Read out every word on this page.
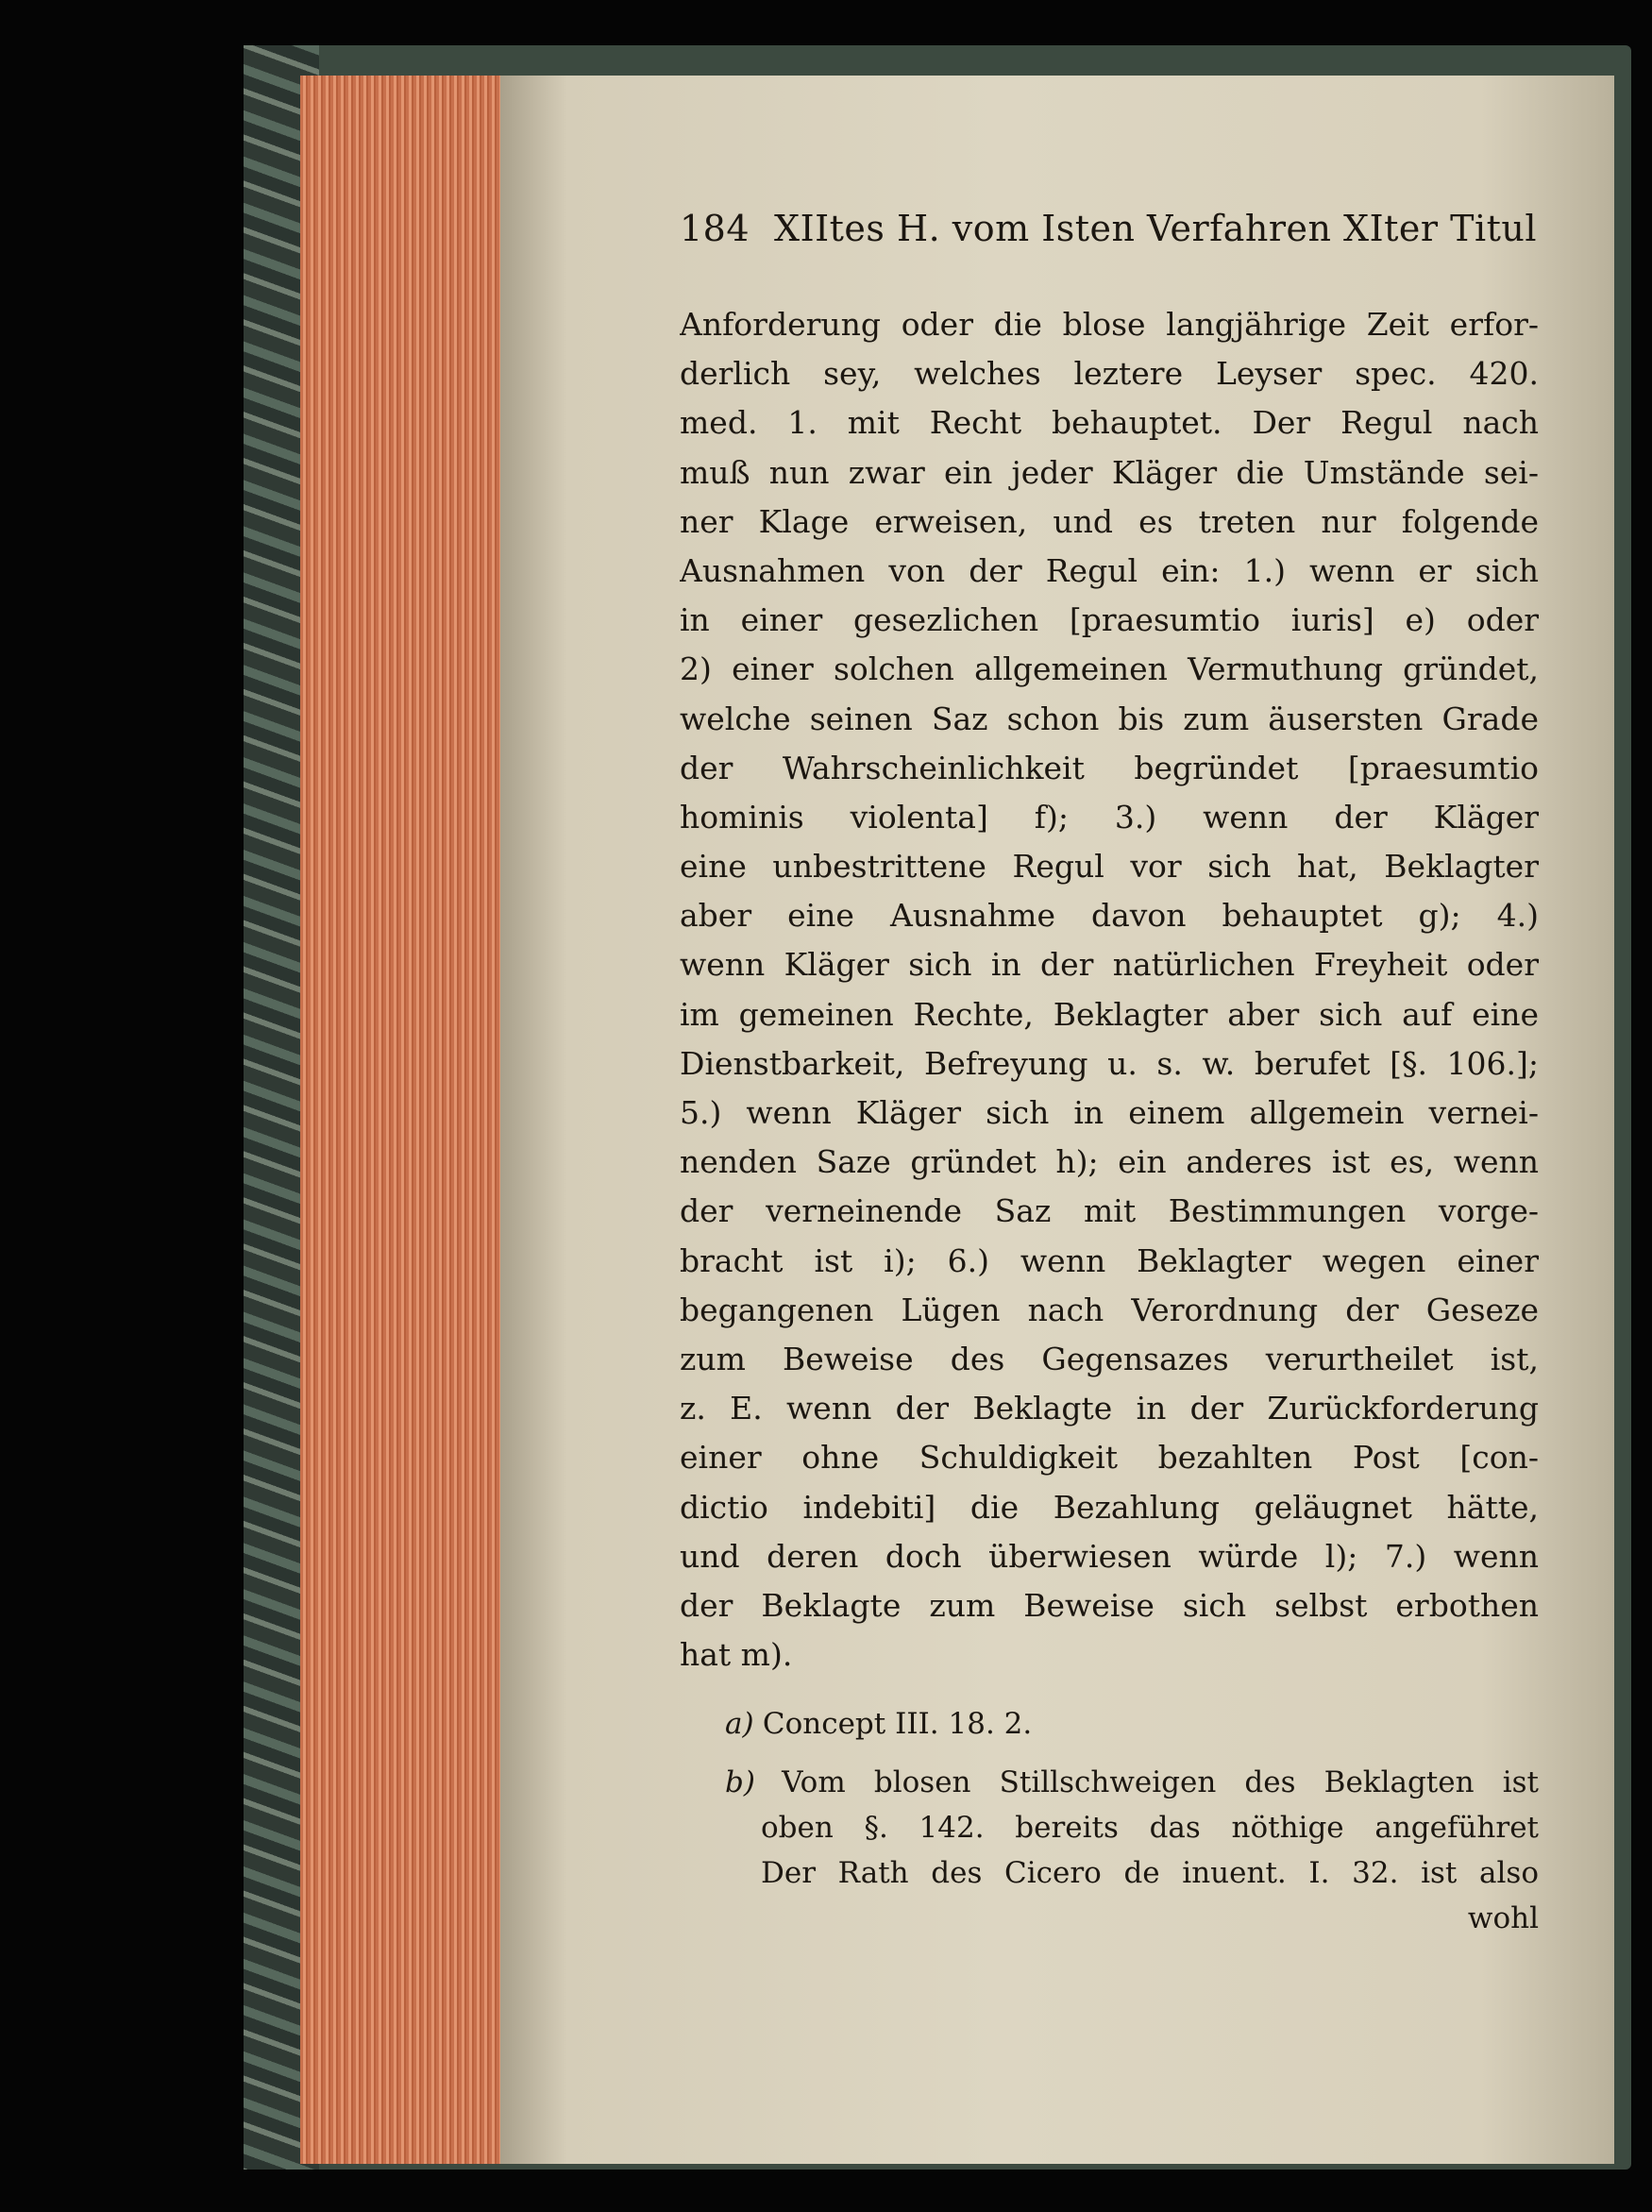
184 XIItes H. vom Isten Verfahren XIter Titul
Anforderung oder die blose langjährige Zeit erfor-
derlich sey, welches leztere Leyser spec. 420.
med. 1. mit Recht behauptet. Der Regul nach
muß nun zwar ein jeder Kläger die Umstände sei-
ner Klage erweisen, und es treten nur folgende
Ausnahmen von der Regul ein: 1.) wenn er sich
in einer gesezlichen [praesumtio iuris] e) oder
2) einer solchen allgemeinen Vermuthung gründet,
welche seinen Saz schon bis zum äusersten Grade
der Wahrscheinlichkeit begründet [praesumtio
hominis violenta] f); 3.) wenn der Kläger
eine unbestrittene Regul vor sich hat, Beklagter
aber eine Ausnahme davon behauptet g); 4.)
wenn Kläger sich in der natürlichen Freyheit oder
im gemeinen Rechte, Beklagter aber sich auf eine
Dienstbarkeit, Befreyung u. s. w. berufet [§. 106.];
5.) wenn Kläger sich in einem allgemein vernei-
nenden Saze gründet h); ein anderes ist es, wenn
der verneinende Saz mit Bestimmungen vorge-
bracht ist i); 6.) wenn Beklagter wegen einer
begangenen Lügen nach Verordnung der Geseze
zum Beweise des Gegensazes verurtheilet ist,
z. E. wenn der Beklagte in der Zurückforderung
einer ohne Schuldigkeit bezahlten Post [con-
dictio indebiti] die Bezahlung geläugnet hätte,
und deren doch überwiesen würde l); 7.) wenn
der Beklagte zum Beweise sich selbst erbothen
hat m).
a) Concept III. 18. 2.
b) Vom blosen Stillschweigen des Beklagten ist
oben §. 142. bereits das nöthige angeführet
Der Rath des Cicero de inuent. I. 32. ist also
wohl
